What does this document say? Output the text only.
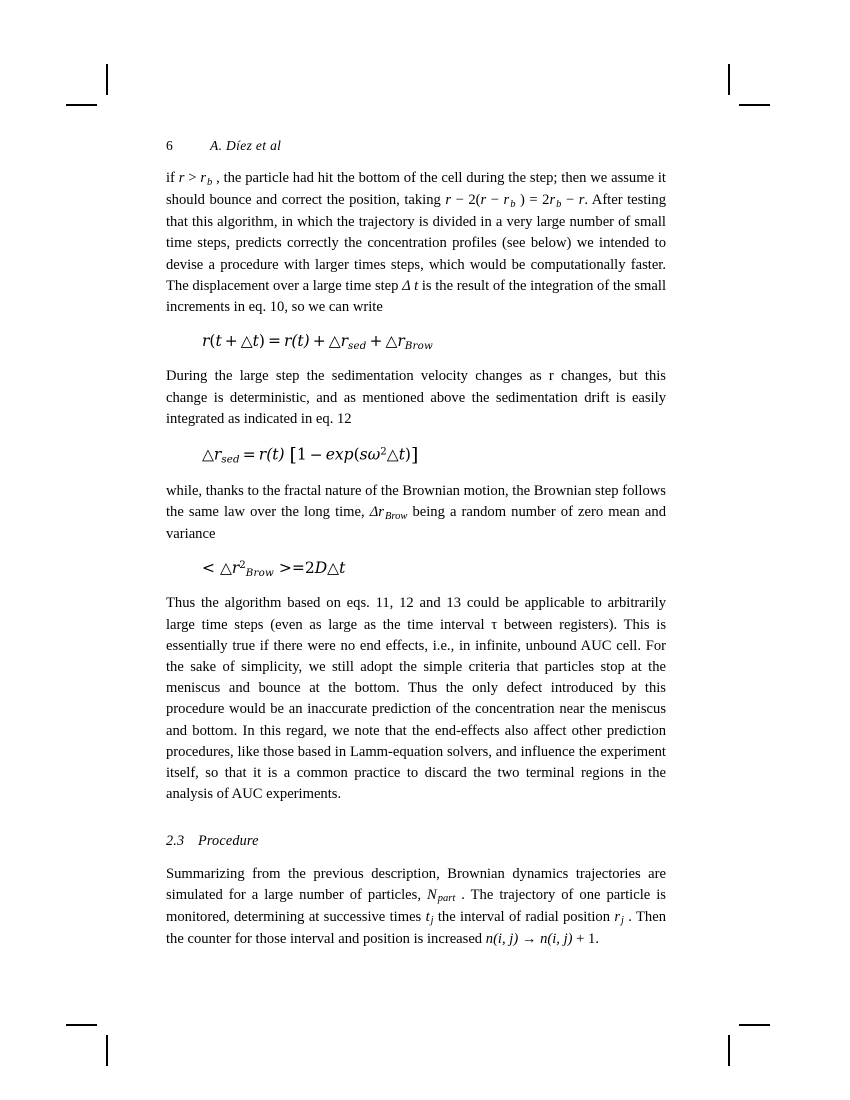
6	A. Díez et al

if $r > r_b$ , the particle had hit the bottom of the cell during the step; then we assume it should bounce and correct the position, taking $r - 2(r - r_b$ ) = $2r_b - r$. After testing that this algorithm, in which the trajectory is divided in a very large number of small time steps, predicts correctly the concentration profiles (see below) we intended to devise a procedure with larger times steps, which would be computationally faster. The displacement over a large time step Δ t is the result of the integration of the small increments in eq. 10, so we can write

r(t + △t) = $r(t) + \triangle r_{sed}$ + $\triangle r_{Brow}$

During the large step the sedimentation velocity changes as r changes, but this change is deterministic, and as mentioned above the sedimentation drift is easily integrated as indicated in eq. 12

$\triangle r_{sed} = r(t) [1$ − $\exp(s\omega^2\triangle t)$]

while, thanks to the fractal nature of the Brownian motion, the Brownian step follows the same law over the long time, $\Delta r_{Brow}$ being a random number of zero mean and variance

< $\triangle r^2_{Brow}$ >=2D△t

Thus the algorithm based on eqs. 11, 12 and 13 could be applicable to arbitrarily large time steps (even as large as the time interval τ between registers). This is essentially true if there were no end effects, i.e., in infinite, unbound AUC cell. For the sake of simplicity, we still adopt the simple criteria that particles stop at the meniscus and bounce at the bottom. Thus the only defect introduced by this procedure would be an inaccurate prediction of the concentration near the meniscus and bottom. In this regard, we note that the end-effects also affect other prediction procedures, like those based in Lamm-equation solvers, and influence the experiment itself, so that it is a common practice to discard the two terminal regions in the analysis of AUC experiments.

2.3 Procedure

Summarizing from the previous description, Brownian dynamics trajectories are simulated for a large number of particles, $N_{part}$ . The trajectory of one particle is monitored, determining at successive times $t_j$ the interval of radial position $r_j$ . Then the counter for those interval and position is increased n(i, j) → n(i, j) + 1.
